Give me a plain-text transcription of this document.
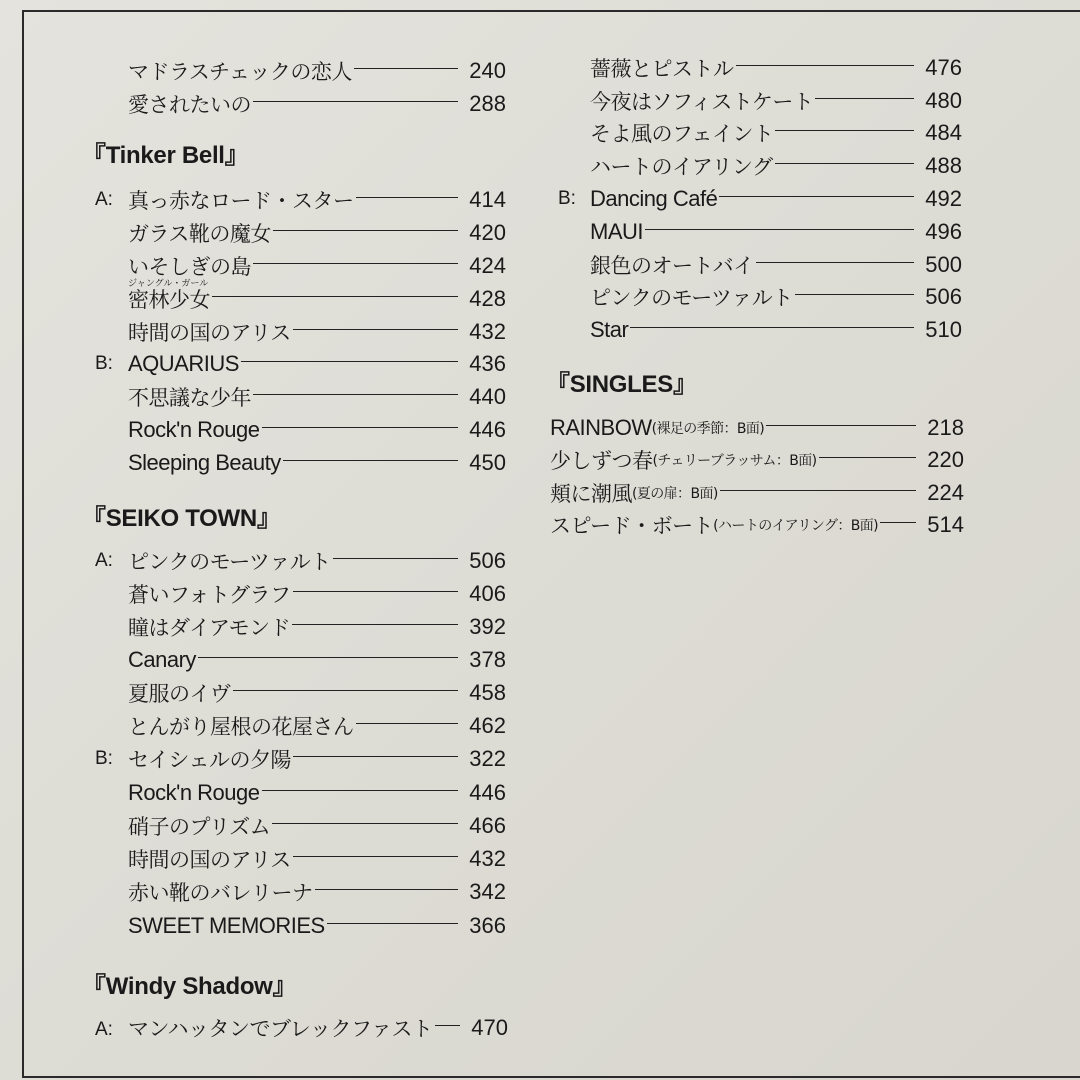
マドラスチェックの恋人	240
愛されたいの	288
『Tinker Bell』
A: 真っ赤なロード・スター	414
ガラス靴の魔女	420
いそしぎの島	424
ジャングル・ガール
密林少女	428
時間の国のアリス	432
B: AQUARIUS	436
不思議な少年	440
Rock'n Rouge	446
Sleeping Beauty	450
『SEIKO TOWN』
A: ピンクのモーツァルト	506
蒼いフォトグラフ	406
瞳はダイアモンド	392
Canary	378
夏服のイヴ	458
とんがり屋根の花屋さん	462
B: セイシェルの夕陽	322
Rock'n Rouge	446
硝子のプリズム	466
時間の国のアリス	432
赤い靴のバレリーナ	342
SWEET MEMORIES	366
『Windy Shadow』
A: マンハッタンでブレックファスト 470
薔薇とピストル	476
今夜はソフィストケート	480
そよ風のフェイント	484
ハートのイアリング	488
B: Dancing Café	492
MAUI	496
銀色のオートバイ	500
ピンクのモーツァルト	506
Star	510
『SINGLES』
RAINBOW (裸足の季節：B面)	218
少しずつ春 (チェリーブラッサム：B面)	220
頬に潮風 (夏の扉：B面)	224
スピード・ボート (ハートのイアリング：B面) 514
